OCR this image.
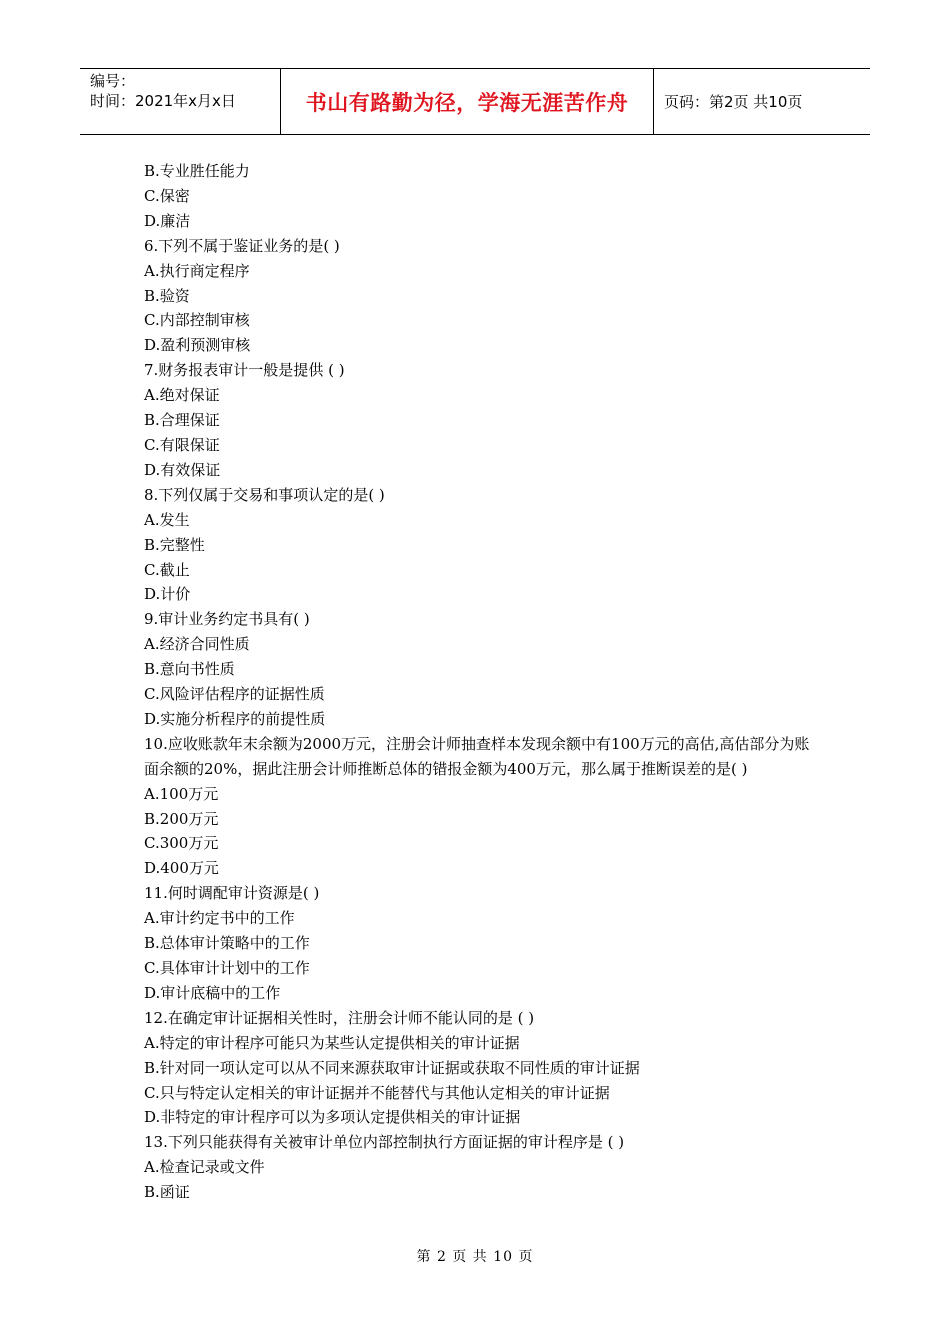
编号：
时间：2021年x月x日	书山有路勤为径，学海无涯苦作舟	页码：第2页 共10页
B.专业胜任能力
C.保密
D.廉洁
6.下列不属于鉴证业务的是( )
A.执行商定程序
B.验资
C.内部控制审核
D.盈利预测审核
7.财务报表审计一般是提供 ( )
A.绝对保证
B.合理保证
C.有限保证
D.有效保证
8.下列仅属于交易和事项认定的是( )
A.发生
B.完整性
C.截止
D.计价
9.审计业务约定书具有( )
A.经济合同性质
B.意向书性质
C.风险评估程序的证据性质
D.实施分析程序的前提性质
10.应收账款年末余额为2000万元，注册会计师抽查样本发现余额中有100万元的高估,高估部分为账面余额的20%，据此注册会计师推断总体的错报金额为400万元，那么属于推断误差的是( )
A.100万元
B.200万元
C.300万元
D.400万元
11.何时调配审计资源是( )
A.审计约定书中的工作
B.总体审计策略中的工作
C.具体审计计划中的工作
D.审计底稿中的工作
12.在确定审计证据相关性时，注册会计师不能认同的是 ( )
A.特定的审计程序可能只为某些认定提供相关的审计证据
B.针对同一项认定可以从不同来源获取审计证据或获取不同性质的审计证据
C.只与特定认定相关的审计证据并不能替代与其他认定相关的审计证据
D.非特定的审计程序可以为多项认定提供相关的审计证据
13.下列只能获得有关被审计单位内部控制执行方面证据的审计程序是 ( )
A.检查记录或文件
B.函证
第 2 页 共 10 页
